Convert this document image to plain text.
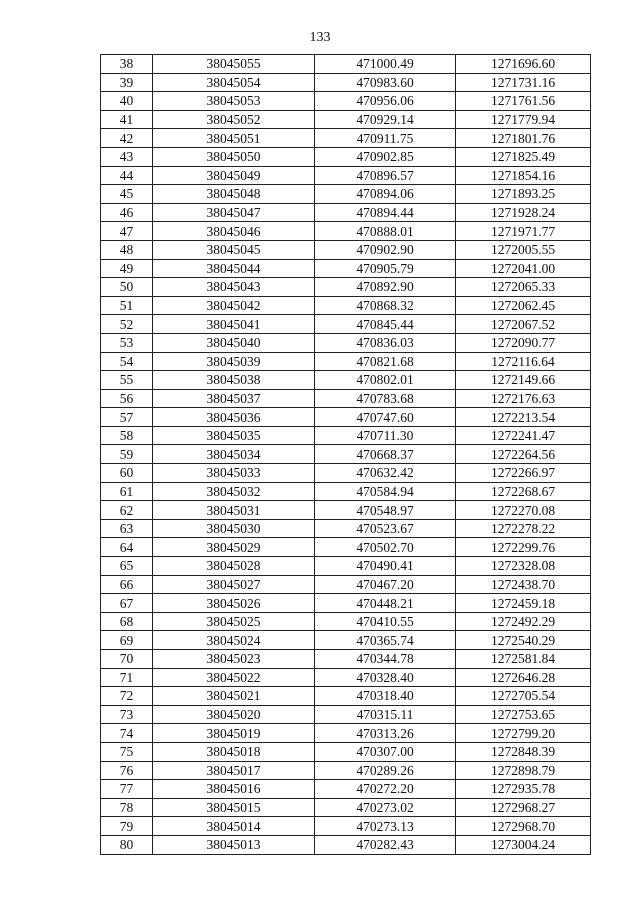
133
38	38045055	471000.49	1271696.60
39	38045054	470983.60	1271731.16
40	38045053	470956.06	1271761.56
41	38045052	470929.14	1271779.94
42	38045051	470911.75	1271801.76
43	38045050	470902.85	1271825.49
44	38045049	470896.57	1271854.16
45	38045048	470894.06	1271893.25
46	38045047	470894.44	1271928.24
47	38045046	470888.01	1271971.77
48	38045045	470902.90	1272005.55
49	38045044	470905.79	1272041.00
50	38045043	470892.90	1272065.33
51	38045042	470868.32	1272062.45
52	38045041	470845.44	1272067.52
53	38045040	470836.03	1272090.77
54	38045039	470821.68	1272116.64
55	38045038	470802.01	1272149.66
56	38045037	470783.68	1272176.63
57	38045036	470747.60	1272213.54
58	38045035	470711.30	1272241.47
59	38045034	470668.37	1272264.56
60	38045033	470632.42	1272266.97
61	38045032	470584.94	1272268.67
62	38045031	470548.97	1272270.08
63	38045030	470523.67	1272278.22
64	38045029	470502.70	1272299.76
65	38045028	470490.41	1272328.08
66	38045027	470467.20	1272438.70
67	38045026	470448.21	1272459.18
68	38045025	470410.55	1272492.29
69	38045024	470365.74	1272540.29
70	38045023	470344.78	1272581.84
71	38045022	470328.40	1272646.28
72	38045021	470318.40	1272705.54
73	38045020	470315.11	1272753.65
74	38045019	470313.26	1272799.20
75	38045018	470307.00	1272848.39
76	38045017	470289.26	1272898.79
77	38045016	470272.20	1272935.78
78	38045015	470273.02	1272968.27
79	38045014	470273.13	1272968.70
80	38045013	470282.43	1273004.24
